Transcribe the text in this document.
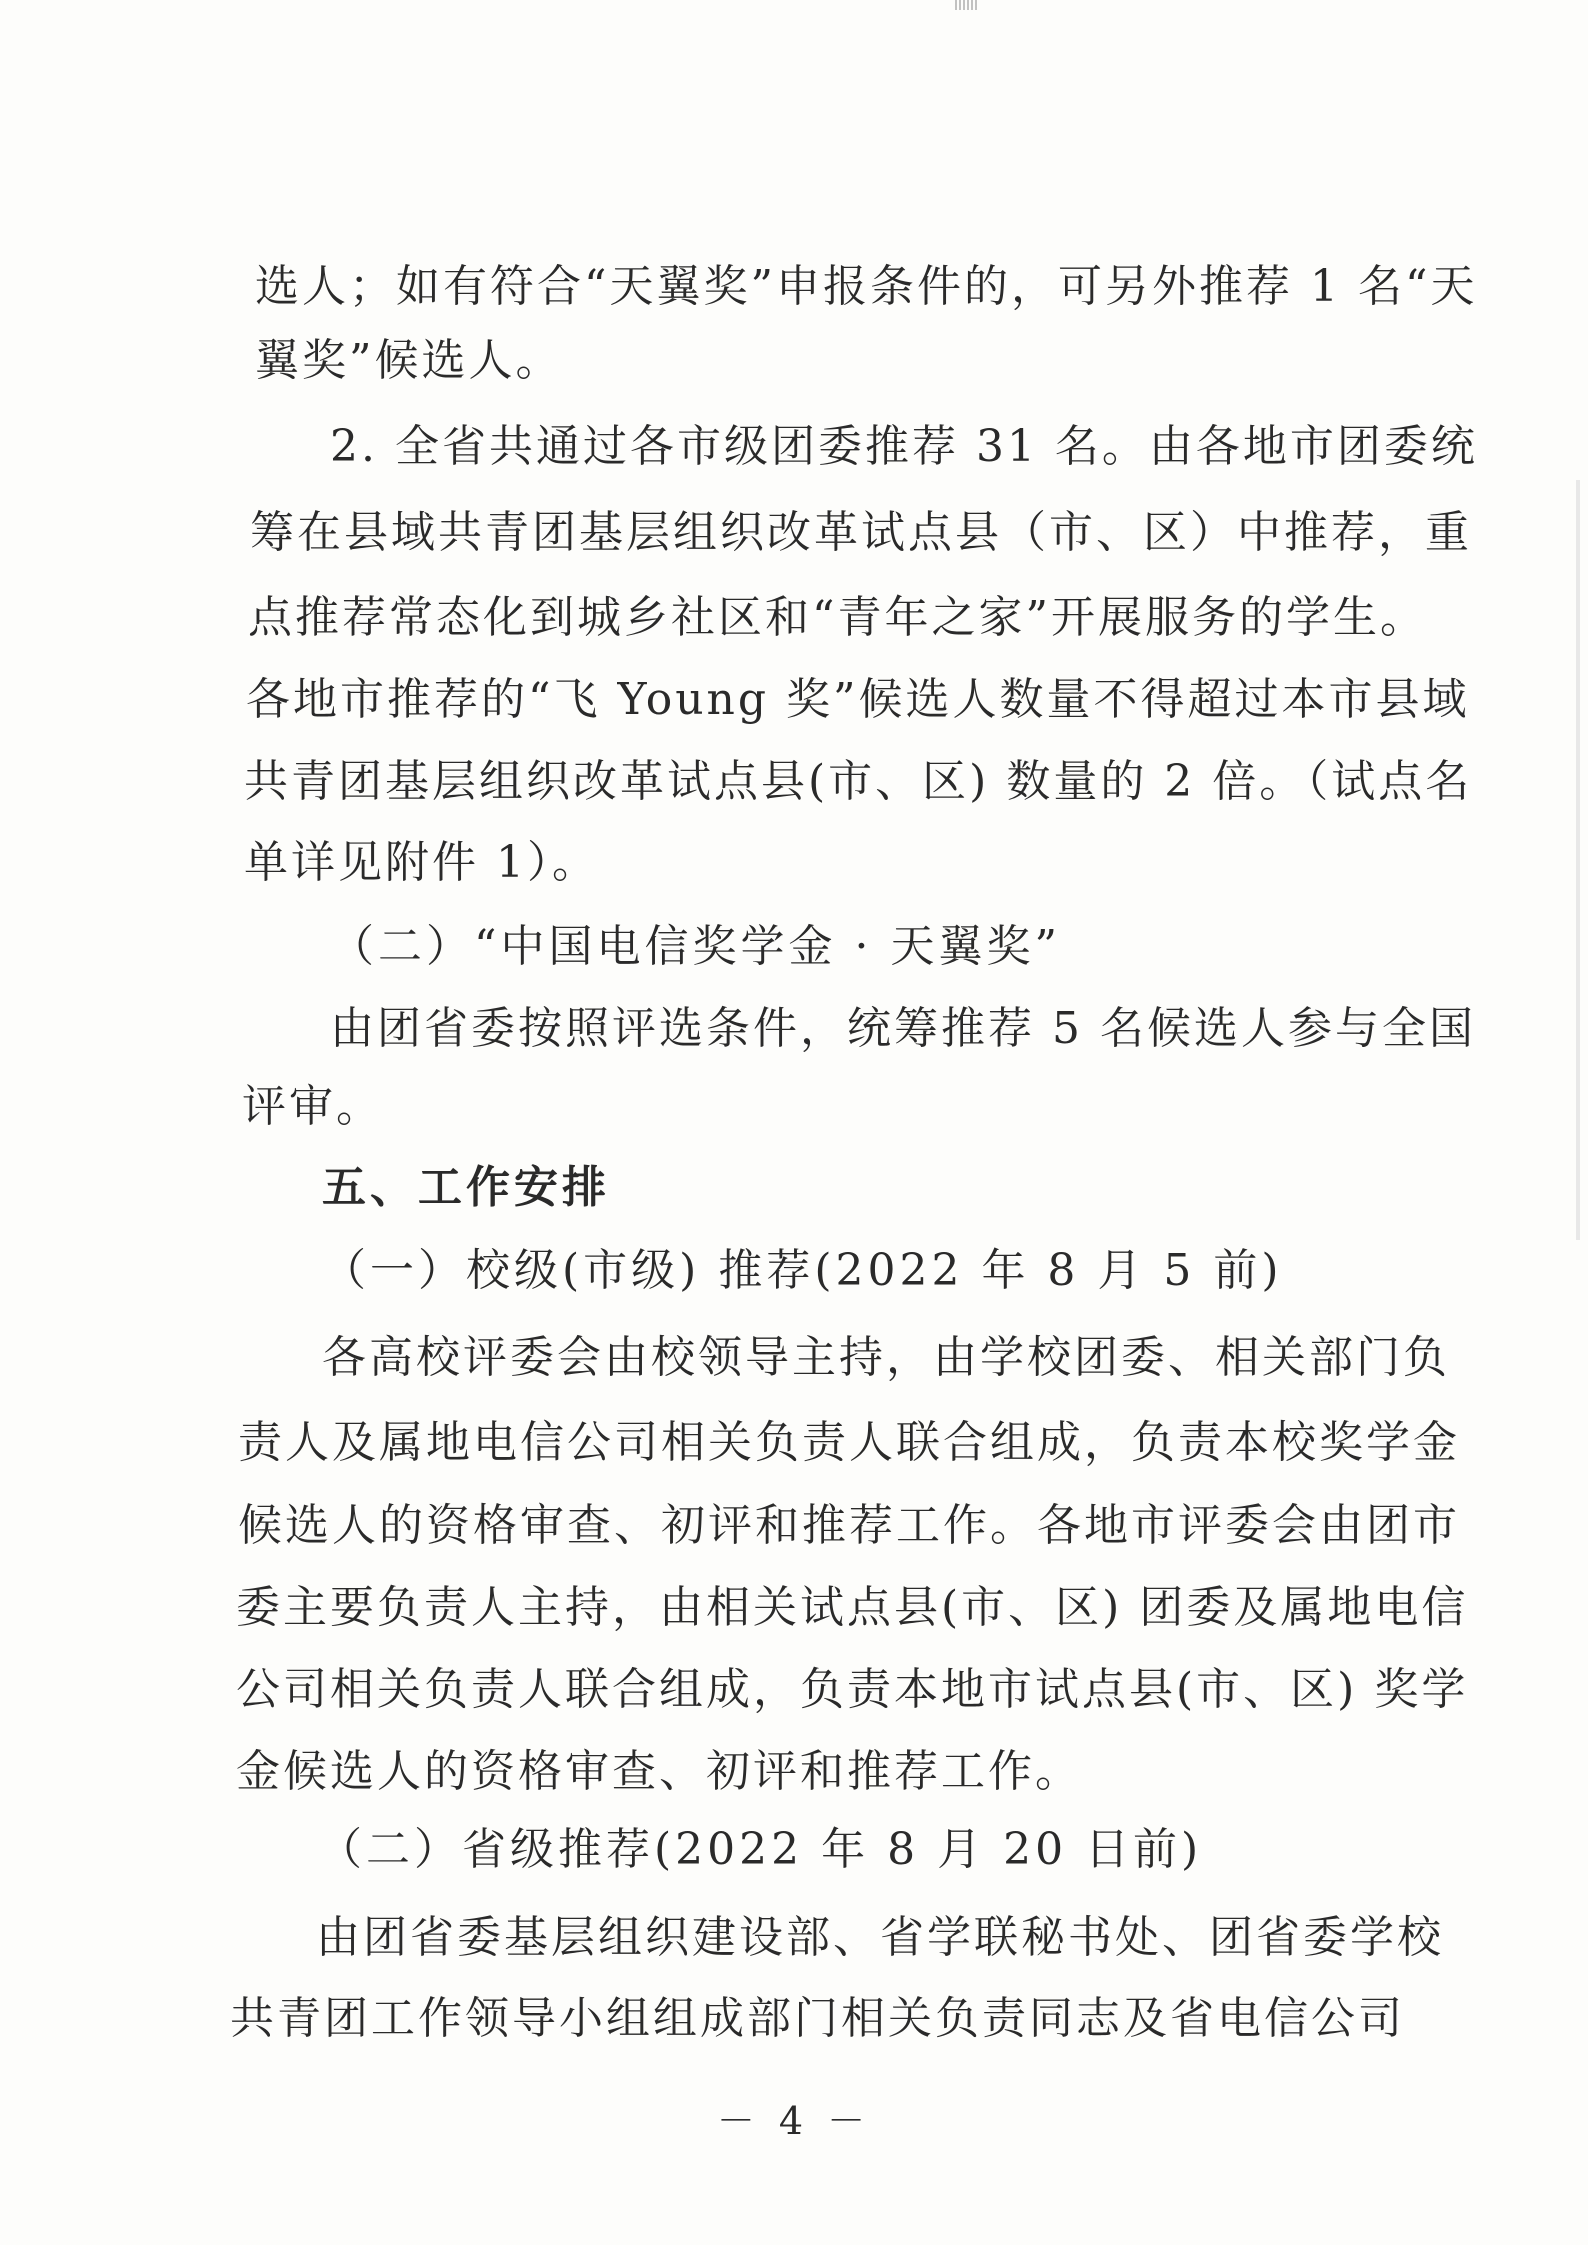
选人；如有符合“天翼奖”申报条件的，可另外推荐 1 名“天
翼奖”候选人。
2. 全省共通过各市级团委推荐 31 名。由各地市团委统
筹在县域共青团基层组织改革试点县（市、区）中推荐，重
点推荐常态化到城乡社区和“青年之家”开展服务的学生。
各地市推荐的“飞 Young 奖”候选人数量不得超过本市县域
共青团基层组织改革试点县(市、区) 数量的 2 倍。（试点名
单详见附件 1）。
（二）“中国电信奖学金 · 天翼奖”
由团省委按照评选条件，统筹推荐 5 名候选人参与全国
评审。
五、工作安排
（一）校级(市级) 推荐(2022 年 8 月 5 前)
各高校评委会由校领导主持，由学校团委、相关部门负
责人及属地电信公司相关负责人联合组成，负责本校奖学金
候选人的资格审查、初评和推荐工作。各地市评委会由团市
委主要负责人主持，由相关试点县(市、区) 团委及属地电信
公司相关负责人联合组成，负责本地市试点县(市、区) 奖学
金候选人的资格审查、初评和推荐工作。
（二）省级推荐(2022 年 8 月 20 日前)
由团省委基层组织建设部、省学联秘书处、团省委学校
共青团工作领导小组组成部门相关负责同志及省电信公司
－ 4 －
